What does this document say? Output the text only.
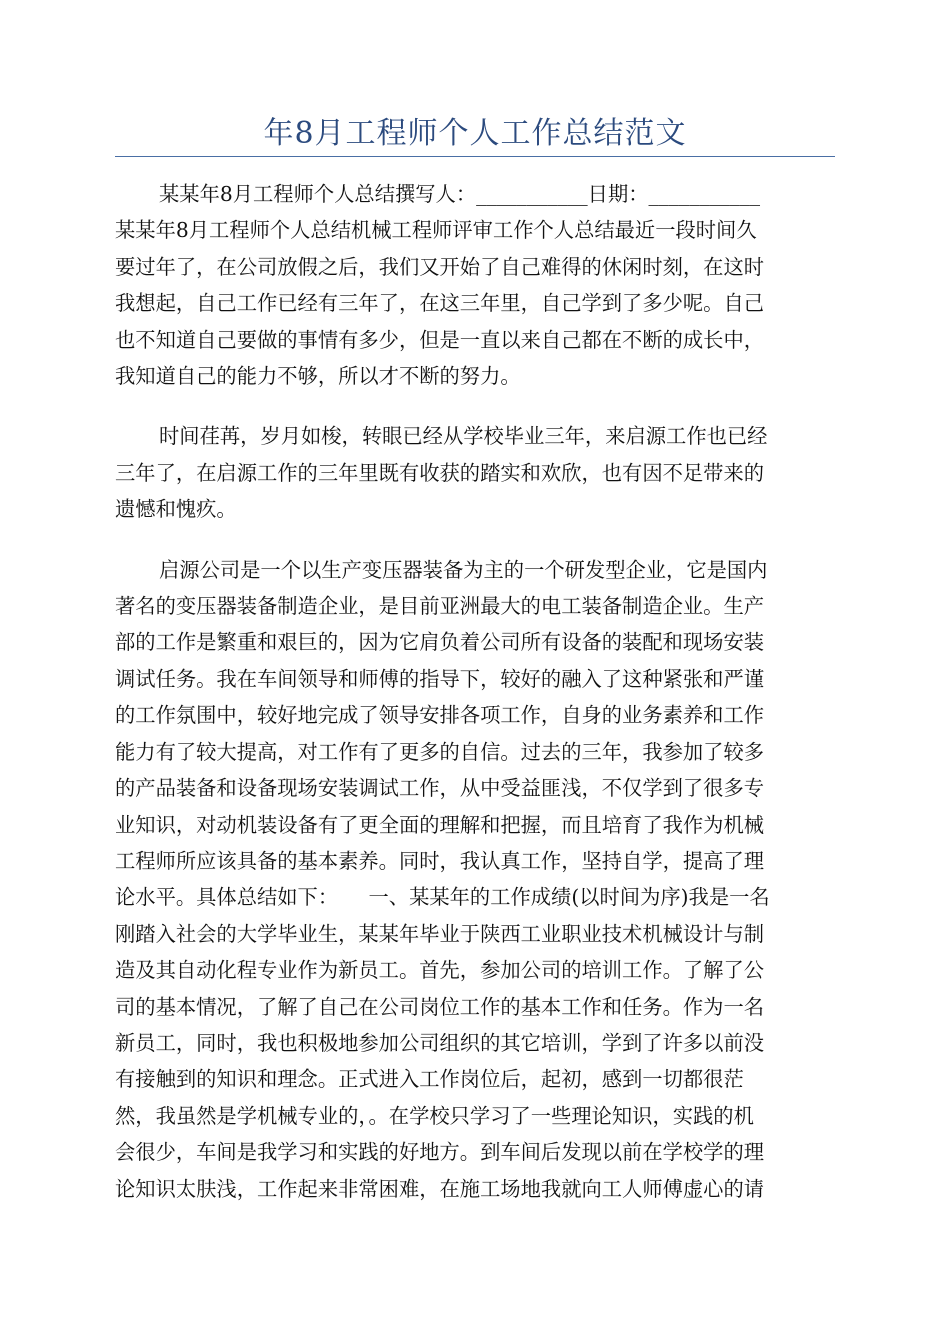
年8月工程师个人工作总结范文
某某年8月工程师个人总结撰写人：___________日期：___________
某某年8月工程师个人总结机械工程师评审工作个人总结最近一段时间久
要过年了，在公司放假之后，我们又开始了自己难得的休闲时刻，在这时
我想起，自己工作已经有三年了，在这三年里，自己学到了多少呢。自己
也不知道自己要做的事情有多少，但是一直以来自己都在不断的成长中，
我知道自己的能力不够，所以才不断的努力。
时间荏苒，岁月如梭，转眼已经从学校毕业三年，来启源工作也已经
三年了，在启源工作的三年里既有收获的踏实和欢欣，也有因不足带来的
遗憾和愧疚。
启源公司是一个以生产变压器装备为主的一个研发型企业，它是国内
著名的变压器装备制造企业，是目前亚洲最大的电工装备制造企业。生产
部的工作是繁重和艰巨的，因为它肩负着公司所有设备的装配和现场安装
调试任务。我在车间领导和师傅的指导下，较好的融入了这种紧张和严谨
的工作氛围中，较好地完成了领导安排各项工作，自身的业务素养和工作
能力有了较大提高，对工作有了更多的自信。过去的三年，我参加了较多
的产品装备和设备现场安装调试工作，从中受益匪浅，不仅学到了很多专
业知识，对动机装设备有了更全面的理解和把握，而且培育了我作为机械
工程师所应该具备的基本素养。同时，我认真工作，坚持自学，提高了理
论水平。具体总结如下：　　一、某某年的工作成绩(以时间为序)我是一名
刚踏入社会的大学毕业生，某某年毕业于陕西工业职业技术机械设计与制
造及其自动化程专业作为新员工。首先，参加公司的培训工作。了解了公
司的基本情况，了解了自己在公司岗位工作的基本工作和任务。作为一名
新员工，同时，我也积极地参加公司组织的其它培训，学到了许多以前没
有接触到的知识和理念。正式进入工作岗位后，起初，感到一切都很茫
然，我虽然是学机械专业的，。在学校只学习了一些理论知识，实践的机
会很少，车间是我学习和实践的好地方。到车间后发现以前在学校学的理
论知识太肤浅，工作起来非常困难，在施工场地我就向工人师傅虚心的请
